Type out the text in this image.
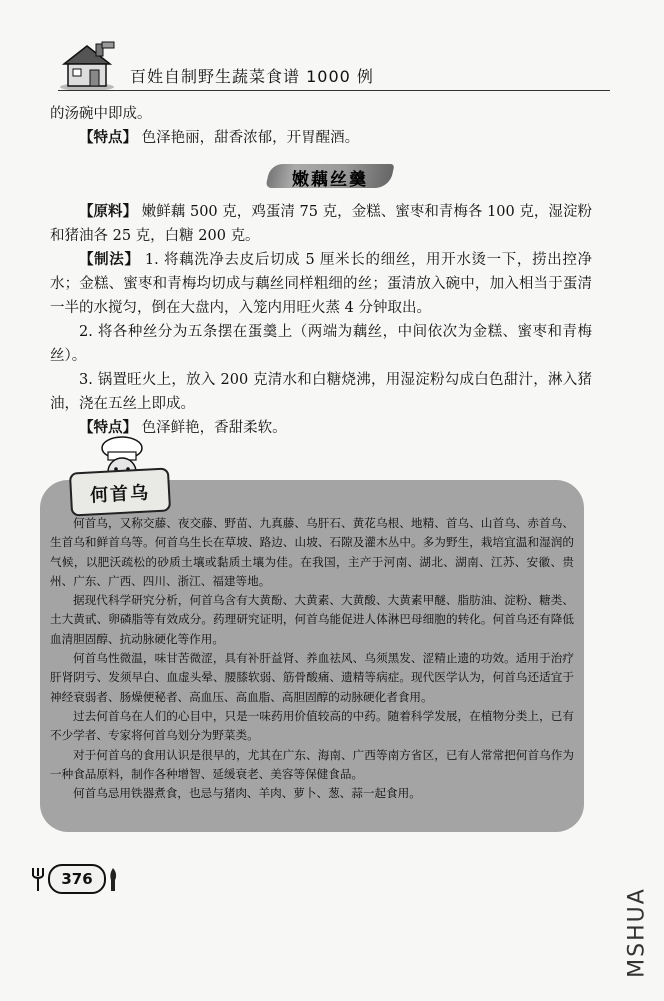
百姓自制野生蔬菜食谱 1000 例

的汤碗中即成。

【特点】 色泽艳丽，甜香浓郁，开胃醒酒。

嫩藕丝羹

【原料】 嫩鲜藕 500 克，鸡蛋清 75 克，金糕、蜜枣和青梅各 100 克，湿淀粉和猪油各 25 克，白糖 200 克。

【制法】 1. 将藕洗净去皮后切成 5 厘米长的细丝，用开水烫一下，捞出控净水；金糕、蜜枣和青梅均切成与藕丝同样粗细的丝；蛋清放入碗中，加入相当于蛋清一半的水搅匀，倒在大盘内，入笼内用旺火蒸 4 分钟取出。

2. 将各种丝分为五条摆在蛋羹上（两端为藕丝，中间依次为金糕、蜜枣和青梅丝）。

3. 锅置旺火上，放入 200 克清水和白糖烧沸，用湿淀粉勾成白色甜汁，淋入猪油，浇在五丝上即成。

【特点】 色泽鲜艳，香甜柔软。

何首乌

何首乌，又称交藤、夜交藤、野苗、九真藤、乌肝石、黄花乌根、地精、首乌、山首乌、赤首乌、生首乌和鲜首乌等。何首乌生长在草坡、路边、山坡、石隙及灌木丛中。多为野生，栽培宜温和湿润的气候，以肥沃疏松的砂质土壤或黏质土壤为佳。在我国，主产于河南、湖北、湖南、江苏、安徽、贵州、广东、广西、四川、浙江、福建等地。

据现代科学研究分析，何首乌含有大黄酚、大黄素、大黄酸、大黄素甲醚、脂肪油、淀粉、糖类、土大黄甙、卵磷脂等有效成分。药理研究证明，何首乌能促进人体淋巴母细胞的转化。何首乌还有降低血清胆固醇、抗动脉硬化等作用。

何首乌性微温，味甘苦微涩，具有补肝益肾、养血祛风、乌须黑发、涩精止遗的功效。适用于治疗肝肾阴亏、发须早白、血虚头晕、腰膝软弱、筋骨酸痛、遗精等病症。现代医学认为，何首乌还适宜于神经衰弱者、肠燥便秘者、高血压、高血脂、高胆固醇的动脉硬化者食用。

过去何首乌在人们的心目中，只是一味药用价值较高的中药。随着科学发展，在植物分类上，已有不少学者、专家将何首乌划分为野菜类。

对于何首乌的食用认识是很早的，尤其在广东、海南、广西等南方省区，已有人常常把何首乌作为一种食品原料，制作各种增智、延缓衰老、美容等保健食品。

何首乌忌用铁器煮食，也忌与猪肉、羊肉、萝卜、葱、蒜一起食用。

376
MSHUA
